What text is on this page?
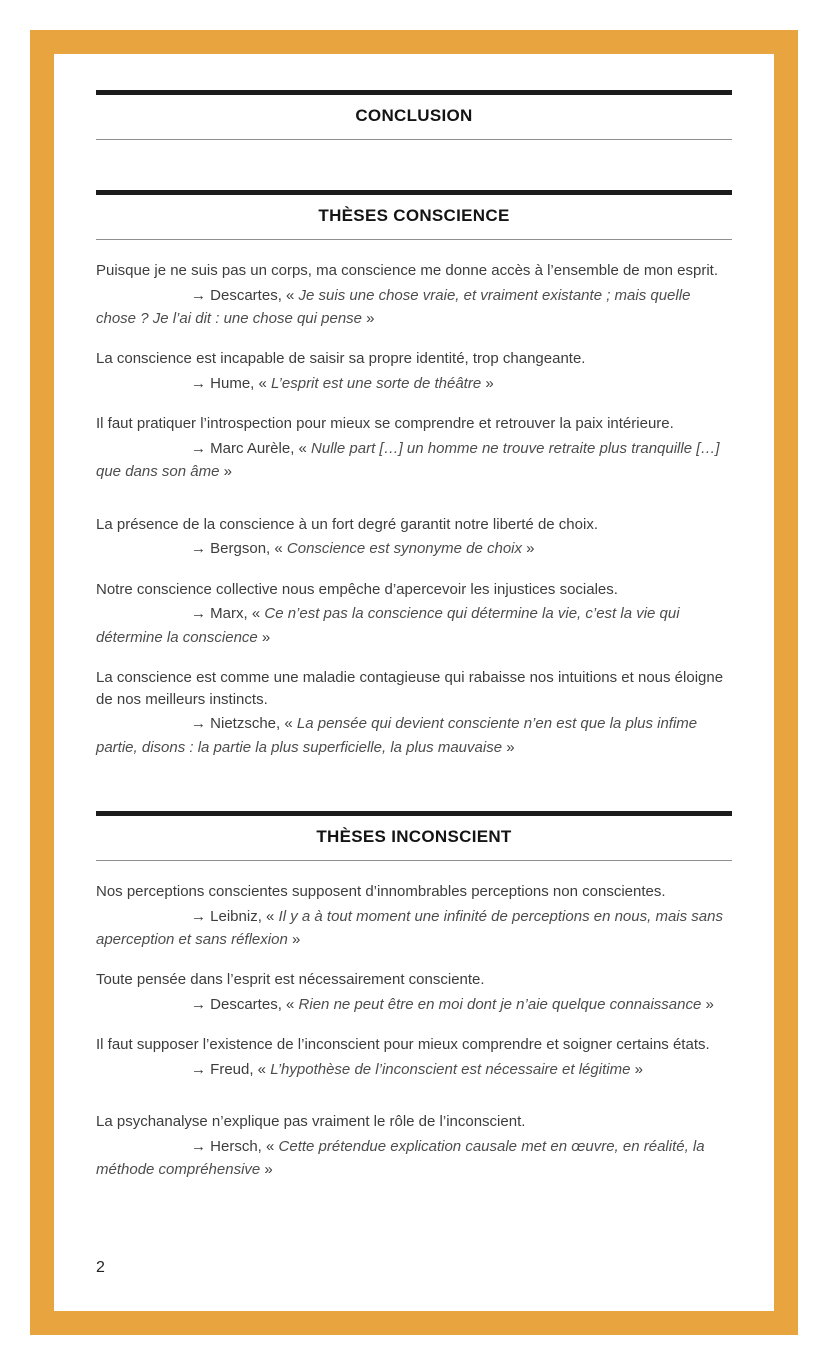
CONCLUSION
THÈSES CONSCIENCE

Puisque je ne suis pas un corps, ma conscience me donne accès à l’ensemble de mon esprit.

→ Descartes, « Je suis une chose vraie, et vraiment existante ; mais quelle chose ? Je l’ai dit : une chose qui pense »

La conscience est incapable de saisir sa propre identité, trop changeante.

→ Hume, « L’esprit est une sorte de théâtre »

Il faut pratiquer l’introspection pour mieux se comprendre et retrouver la paix intérieure.

→ Marc Aurèle, « Nulle part […] un homme ne trouve retraite plus tranquille […] que dans son âme »

La présence de la conscience à un fort degré garantit notre liberté de choix.

→ Bergson, « Conscience est synonyme de choix »

Notre conscience collective nous empêche d’apercevoir les injustices sociales.

→ Marx, « Ce n’est pas la conscience qui détermine la vie, c’est la vie qui détermine la conscience »

La conscience est comme une maladie contagieuse qui rabaisse nos intuitions et nous éloigne de nos meilleurs instincts.

→ Nietzsche, « La pensée qui devient consciente n’en est que la plus infime partie, disons : la partie la plus superficielle, la plus mauvaise »

THÈSES INCONSCIENT

Nos perceptions conscientes supposent d’innombrables perceptions non conscientes.

→ Leibniz, « Il y a à tout moment une infinité de perceptions en nous, mais sans aperception et sans réflexion »

Toute pensée dans l’esprit est nécessairement consciente.

→ Descartes, « Rien ne peut être en moi dont je n’aie quelque connaissance »

Il faut supposer l’existence de l’inconscient pour mieux comprendre et soigner certains états.

→ Freud, « L’hypothèse de l’inconscient est nécessaire et légitime »

La psychanalyse n’explique pas vraiment le rôle de l’inconscient.

→ Hersch, « Cette prétendue explication causale met en œuvre, en réalité, la méthode compréhensive »

2
